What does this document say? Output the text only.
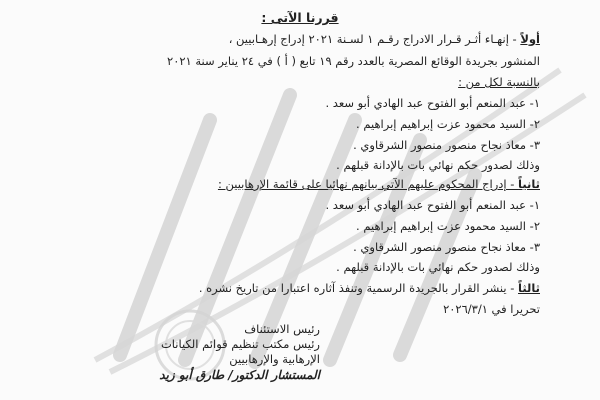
قررنا الآتى :
أولاً - إنهـاء أثـر قـرار الادراج رقـم ١ لسـنة ٢٠٢١ إدراج إرهـابيين ،
المنشور بجريدة الوقائع المصرية بالعدد رقم ١٩ تابع ( أ ) في ٢٤ يناير سنة ٢٠٢١
بالنسبة لكل من :
١- عبد المنعم أبو الفتوح عبد الهادي أبو سعد .
٢- السيد محمود عزت إبراهيم إبراهيم .
٣- معاذ نجاح منصور منصور الشرقاوي .
وذلك لصدور حكم نهائي بات بالإدانة قبلهم .
ثانياً - إدراج المحكوم عليهم الآتي بيانهم نهائيا على قائمة الإرهابيين :
١- عبد المنعم أبو الفتوح عبد الهادي أبو سعد .
٢- السيد محمود عزت إبراهيم إبراهيم .
٣- معاذ نجاح منصور منصور الشرقاوي .
وذلك لصدور حكم نهائي بات بالإدانة قبلهم .
ثالثاً - ينشر القرار بالجريدة الرسمية وتنفذ آثاره اعتبارا من تاريخ نشره .
تحريرا في ٢٠٢٦/٣/١
رئيس الاستئناف
رئيس مكتب تنظيم قوائم الكيانات
الإرهابية والإرهابيين
المستشار الدكتور/ طارق أبو زيد
